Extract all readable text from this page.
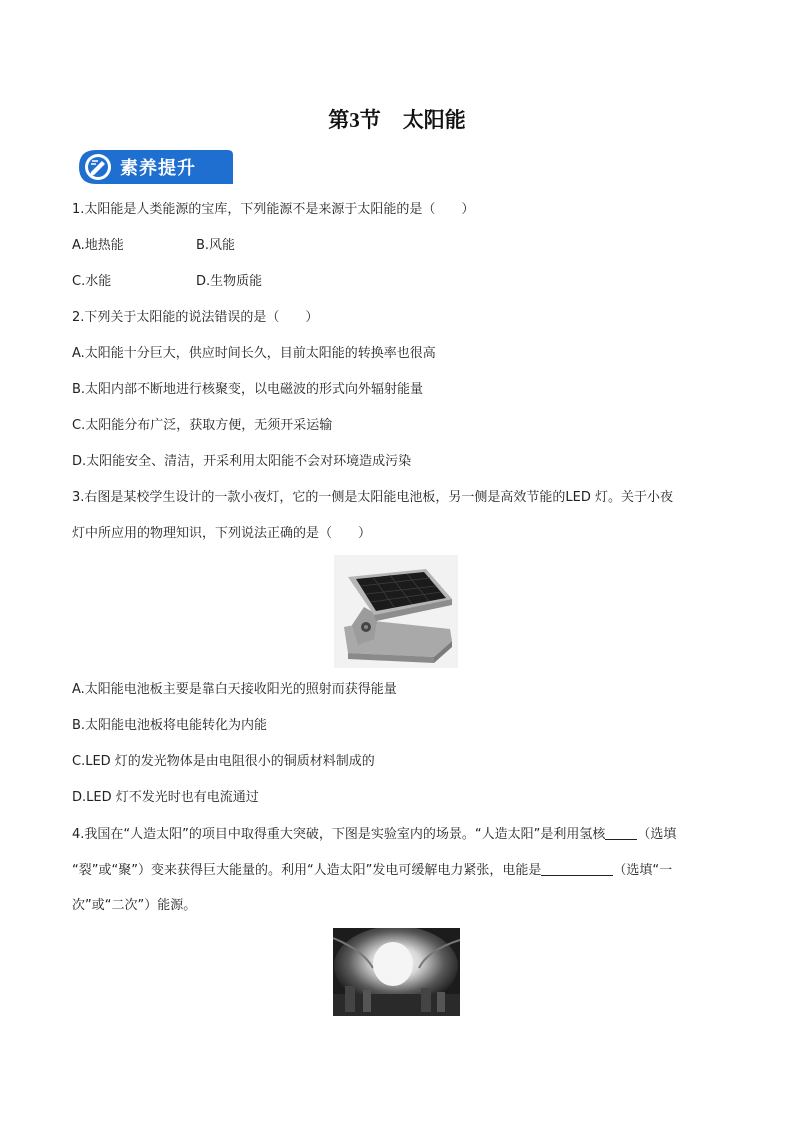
第3节 太阳能
素养提升
1.太阳能是人类能源的宝库，下列能源不是来源于太阳能的是（　　）
A.地热能	B.风能
C.水能	D.生物质能
2.下列关于太阳能的说法错误的是（　　）
A.太阳能十分巨大，供应时间长久，目前太阳能的转换率也很高
B.太阳内部不断地进行核聚变，以电磁波的形式向外辐射能量
C.太阳能分布广泛，获取方便，无须开采运输
D.太阳能安全、清洁，开采利用太阳能不会对环境造成污染
3.右图是某校学生设计的一款小夜灯，它的一侧是太阳能电池板，另一侧是高效节能的LED 灯。关于小夜
灯中所应用的物理知识，下列说法正确的是（　　）
A.太阳能电池板主要是靠白天接收阳光的照射而获得能量
B.太阳能电池板将电能转化为内能
C.LED 灯的发光物体是由电阻很小的铜质材料制成的
D.LED 灯不发光时也有电流通过
4.我国在“人造太阳”的项目中取得重大突破，下图是实验室内的场景。“人造太阳”是利用氢核 （选填
“裂”或“聚”）变来获得巨大能量的。利用“人造太阳”发电可缓解电力紧张，电能是	（选填“一
次”或“二次”）能源。
